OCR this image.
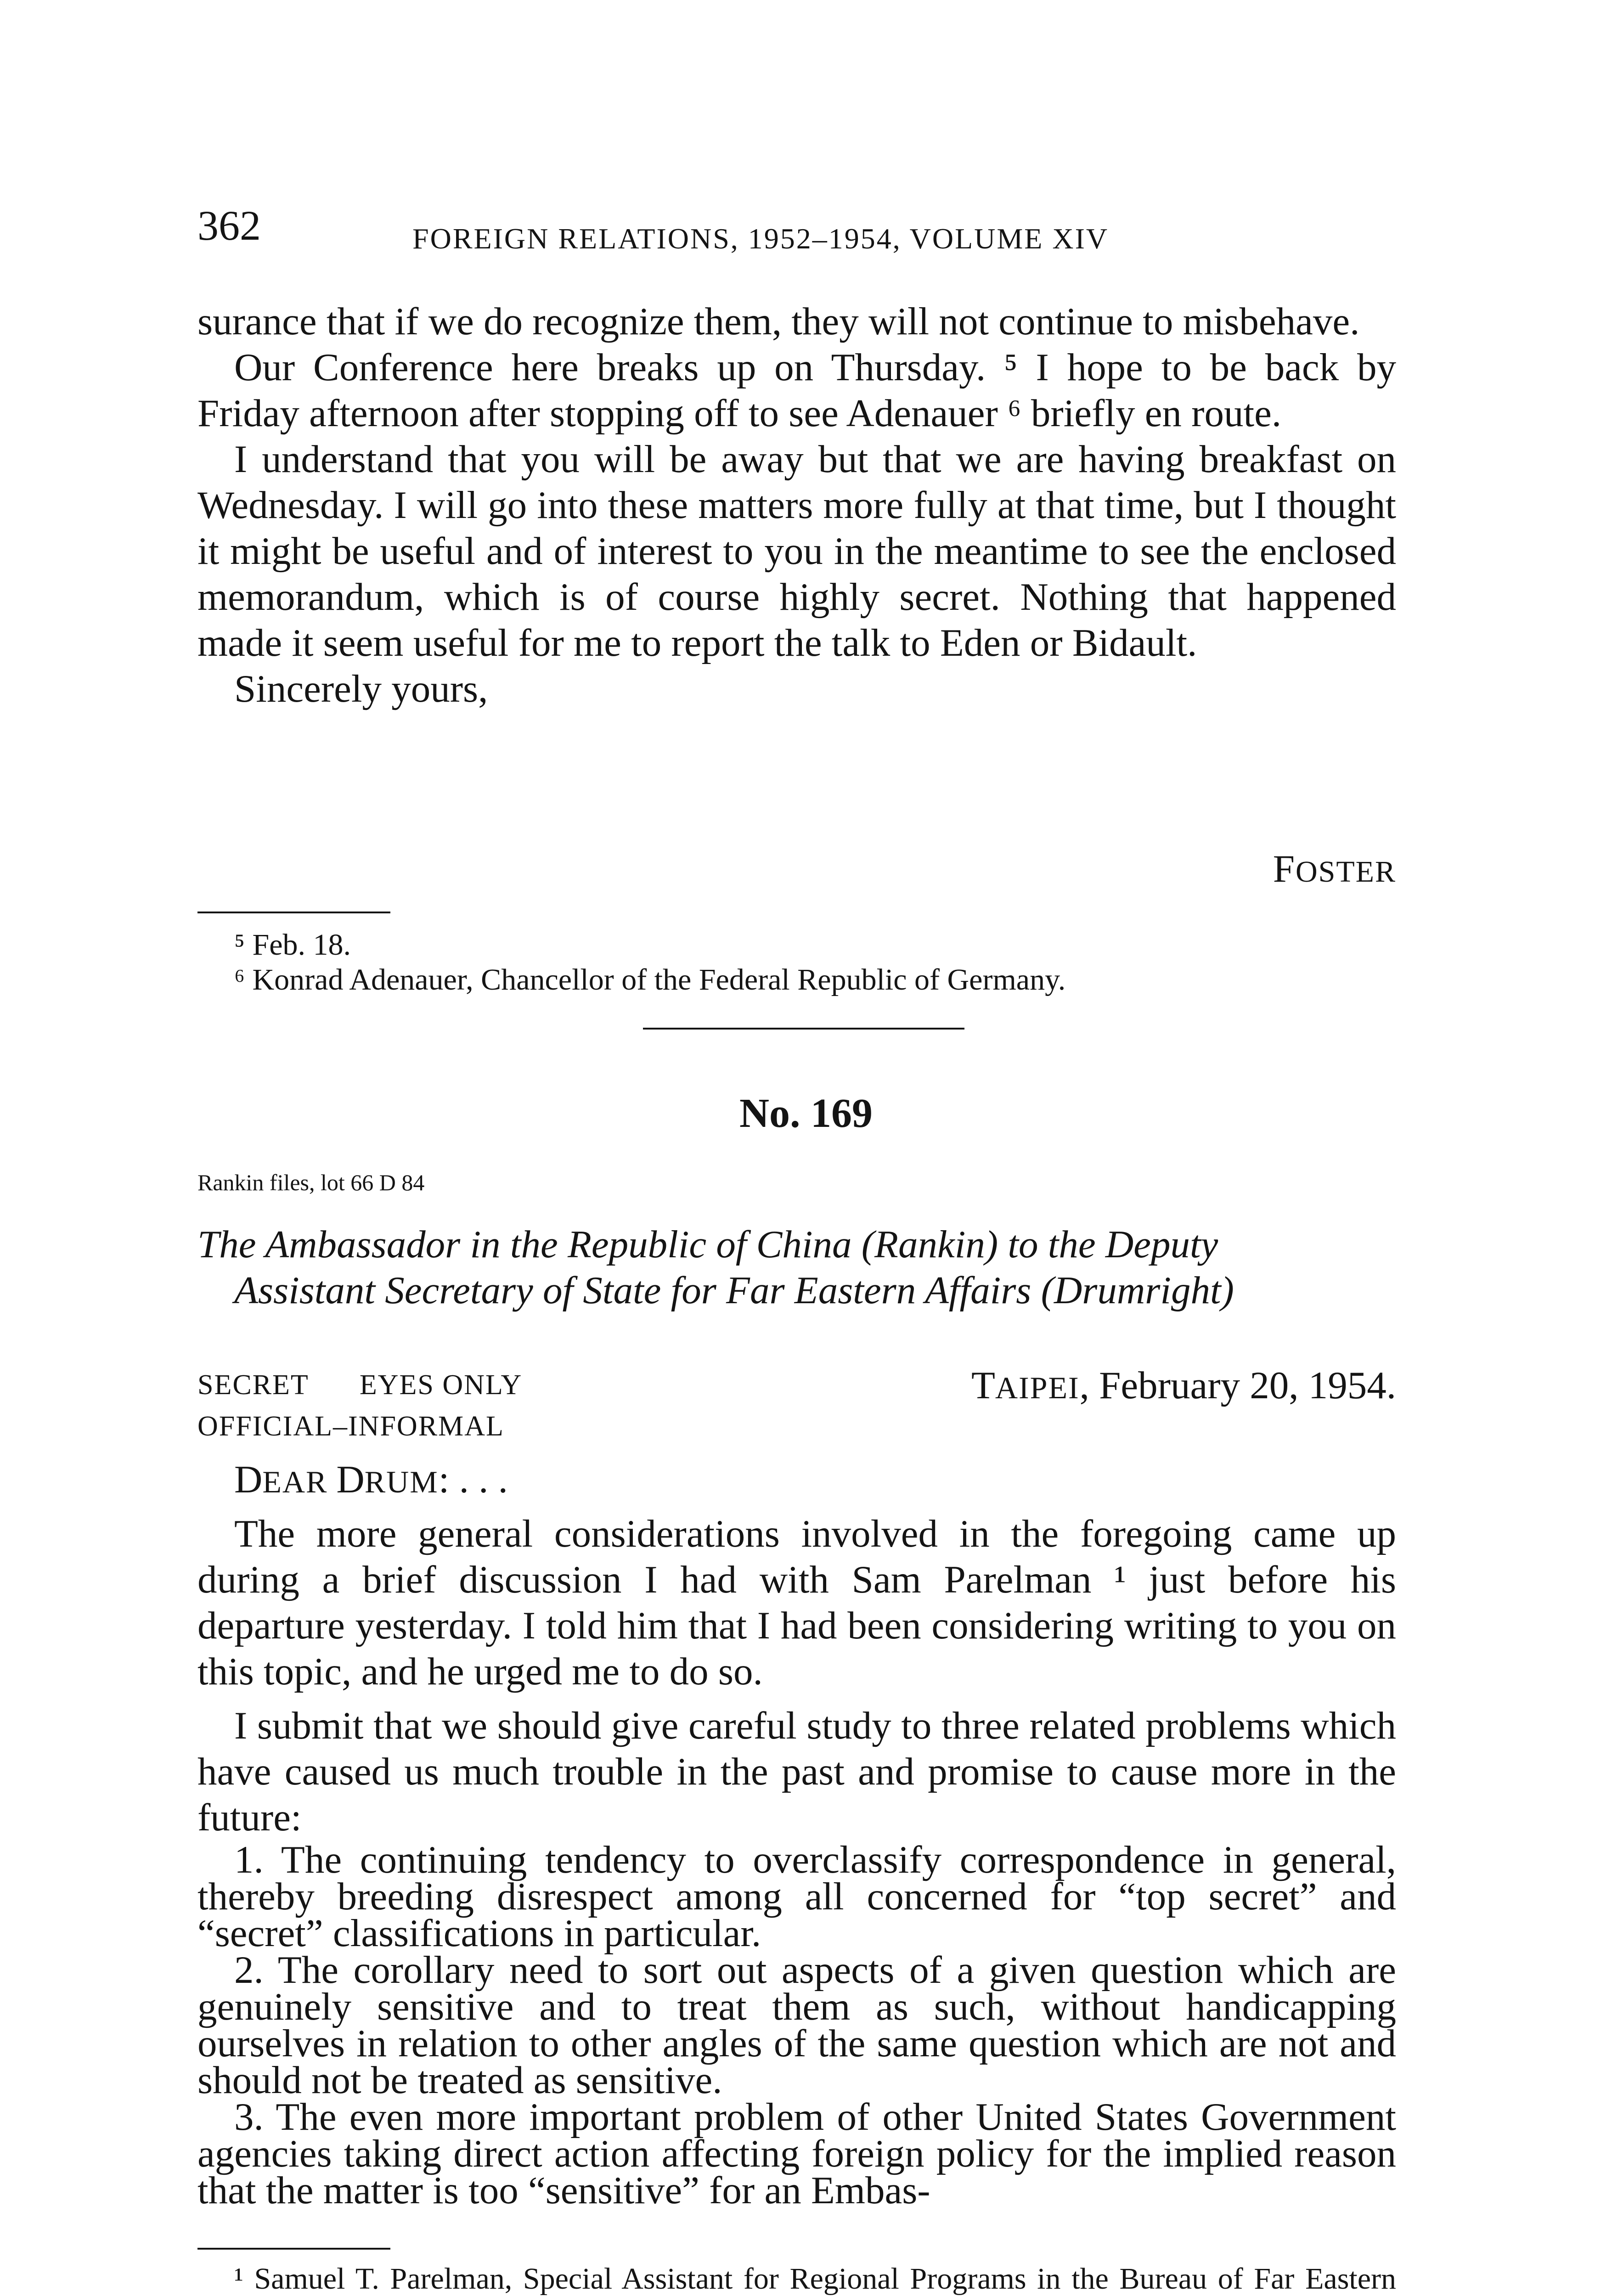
362	FOREIGN RELATIONS, 1952–1954, VOLUME XIV

surance that if we do recognize them, they will not continue to misbehave.

Our Conference here breaks up on Thursday. ⁵ I hope to be back by Friday afternoon after stopping off to see Adenauer ⁶ briefly en route.

I understand that you will be away but that we are having breakfast on Wednesday. I will go into these matters more fully at that time, but I thought it might be useful and of interest to you in the meantime to see the enclosed memorandum, which is of course highly secret. Nothing that happened made it seem useful for me to report the talk to Eden or Bidault.

Sincerely yours,

FOSTER

⁵ Feb. 18.

⁶ Konrad Adenauer, Chancellor of the Federal Republic of Germany.

No. 169
Rankin files, lot 66 D 84
The Ambassador in the Republic of China (Rankin) to the Deputy
Assistant Secretary of State for Far Eastern Affairs (Drumright)
SECRET EYES ONLY
OFFICIAL–INFORMAL
TAIPEI, February 20, 1954.
DEAR DRUM: . . .

The more general considerations involved in the foregoing came up during a brief discussion I had with Sam Parelman ¹ just before his departure yesterday. I told him that I had been considering writing to you on this topic, and he urged me to do so.

I submit that we should give careful study to three related problems which have caused us much trouble in the past and promise to cause more in the future:

1. The continuing tendency to overclassify correspondence in general, thereby breeding disrespect among all concerned for “top secret” and “secret” classifications in particular.

2. The corollary need to sort out aspects of a given question which are genuinely sensitive and to treat them as such, without handicapping ourselves in relation to other angles of the same question which are not and should not be treated as sensitive.

3. The even more important problem of other United States Government agencies taking direct action affecting foreign policy for the implied reason that the matter is too “sensitive” for an Embas-

¹ Samuel T. Parelman, Special Assistant for Regional Programs in the Bureau of Far Eastern
